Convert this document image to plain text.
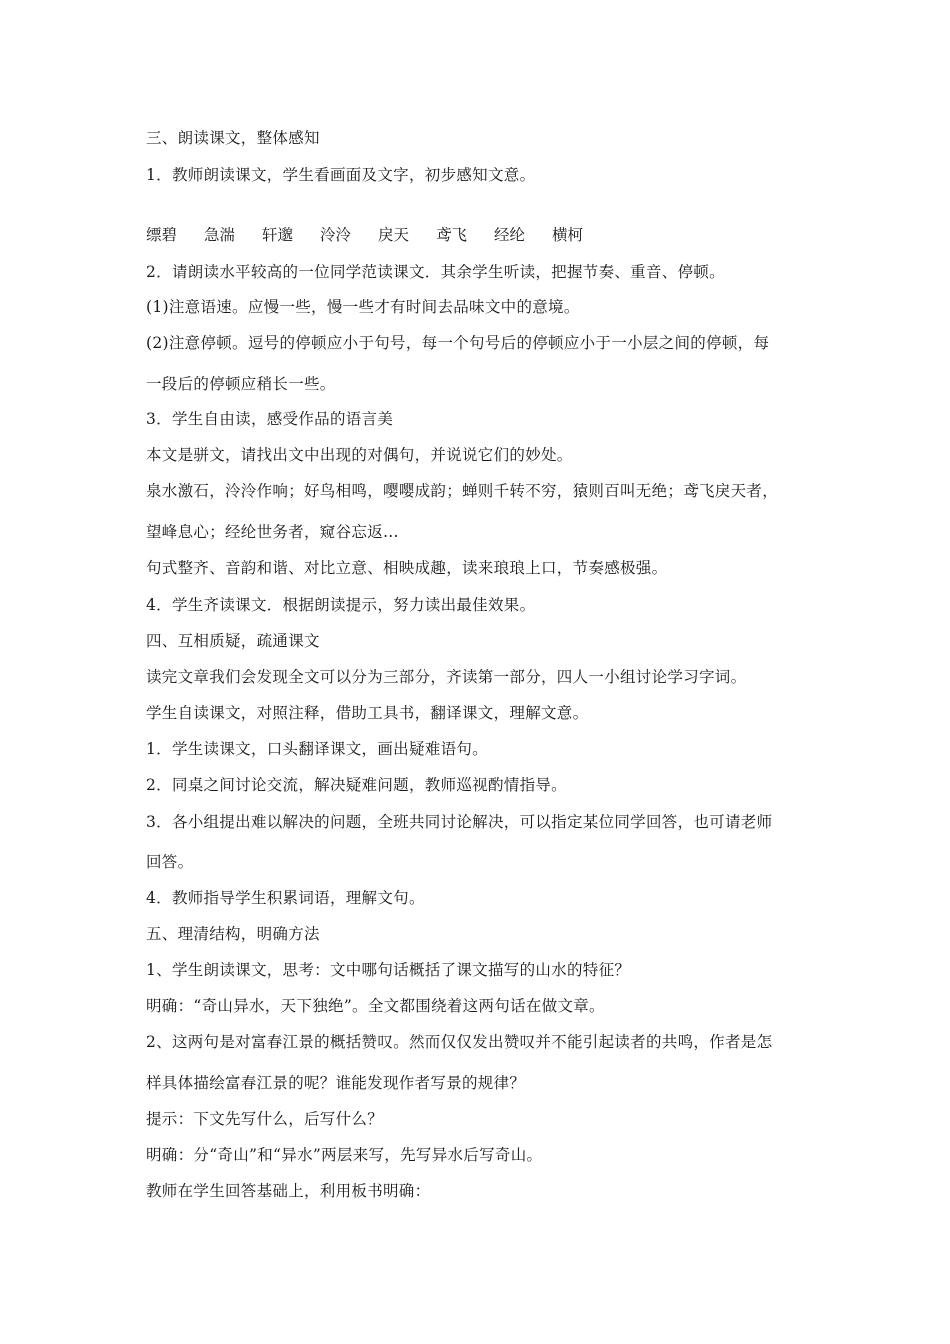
三、朗读课文，整体感知
1．教师朗读课文，学生看画面及文字，初步感知文意。
缥碧	急湍	轩邈	泠泠	戾天	鸢飞	经纶	横柯
2．请朗读水平较高的一位同学范读课文．其余学生听读，把握节奏、重音、停顿。
(1)注意语速。应慢一些，慢一些才有时间去品味文中的意境。
(2)注意停顿。逗号的停顿应小于句号，每一个句号后的停顿应小于一小层之间的停顿，每
一段后的停顿应稍长一些。
3．学生自由读，感受作品的语言美
本文是骈文，请找出文中出现的对偶句，并说说它们的妙处。
泉水激石，泠泠作响；好鸟相鸣，嘤嘤成韵；蝉则千转不穷，猿则百叫无绝；鸢飞戾天者，
望峰息心；经纶世务者，窥谷忘返…
句式整齐、音韵和谐、对比立意、相映成趣，读来琅琅上口，节奏感极强。
4．学生齐读课文．根据朗读提示，努力读出最佳效果。
四、互相质疑，疏通课文
读完文章我们会发现全文可以分为三部分，齐读第一部分，四人一小组讨论学习字词。
学生自读课文，对照注释，借助工具书，翻译课文，理解文意。
1．学生读课文，口头翻译课文，画出疑难语句。
2．同桌之间讨论交流，解决疑难问题，教师巡视酌情指导。
3．各小组提出难以解决的问题，全班共同讨论解决，可以指定某位同学回答，也可请老师
回答。
4．教师指导学生积累词语，理解文句。
五、理清结构，明确方法
1、学生朗读课文，思考：文中哪句话概括了课文描写的山水的特征？
明确：“奇山异水，天下独绝”。全文都围绕着这两句话在做文章。
2、这两句是对富春江景的概括赞叹。然而仅仅发出赞叹并不能引起读者的共鸣，作者是怎
样具体描绘富春江景的呢？谁能发现作者写景的规律？
提示：下文先写什么，后写什么？
明确：分“奇山”和“异水”两层来写，先写异水后写奇山。
教师在学生回答基础上，利用板书明确：
